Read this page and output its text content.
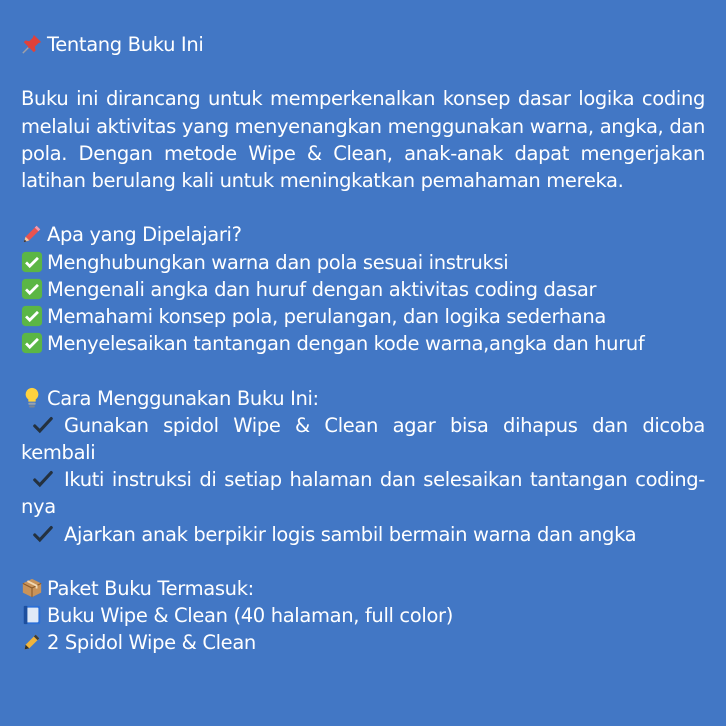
Tentang Buku Ini
Buku ini dirancang untuk memperkenalkan konsep dasar logika coding
melalui aktivitas yang menyenangkan menggunakan warna, angka, dan
pola. Dengan metode Wipe & Clean, anak-anak dapat mengerjakan
latihan berulang kali untuk meningkatkan pemahaman mereka.
Apa yang Dipelajari?
Menghubungkan warna dan pola sesuai instruksi
Mengenali angka dan huruf dengan aktivitas coding dasar
Memahami konsep pola, perulangan, dan logika sederhana
Menyelesaikan tantangan dengan kode warna,angka dan huruf
Cara Menggunakan Buku Ini:
Gunakan spidol Wipe & Clean agar bisa dihapus dan dicoba
kembali
Ikuti instruksi di setiap halaman dan selesaikan tantangan coding-
nya
Ajarkan anak berpikir logis sambil bermain warna dan angka
Paket Buku Termasuk:
Buku Wipe & Clean (40 halaman, full color)
2 Spidol Wipe & Clean
